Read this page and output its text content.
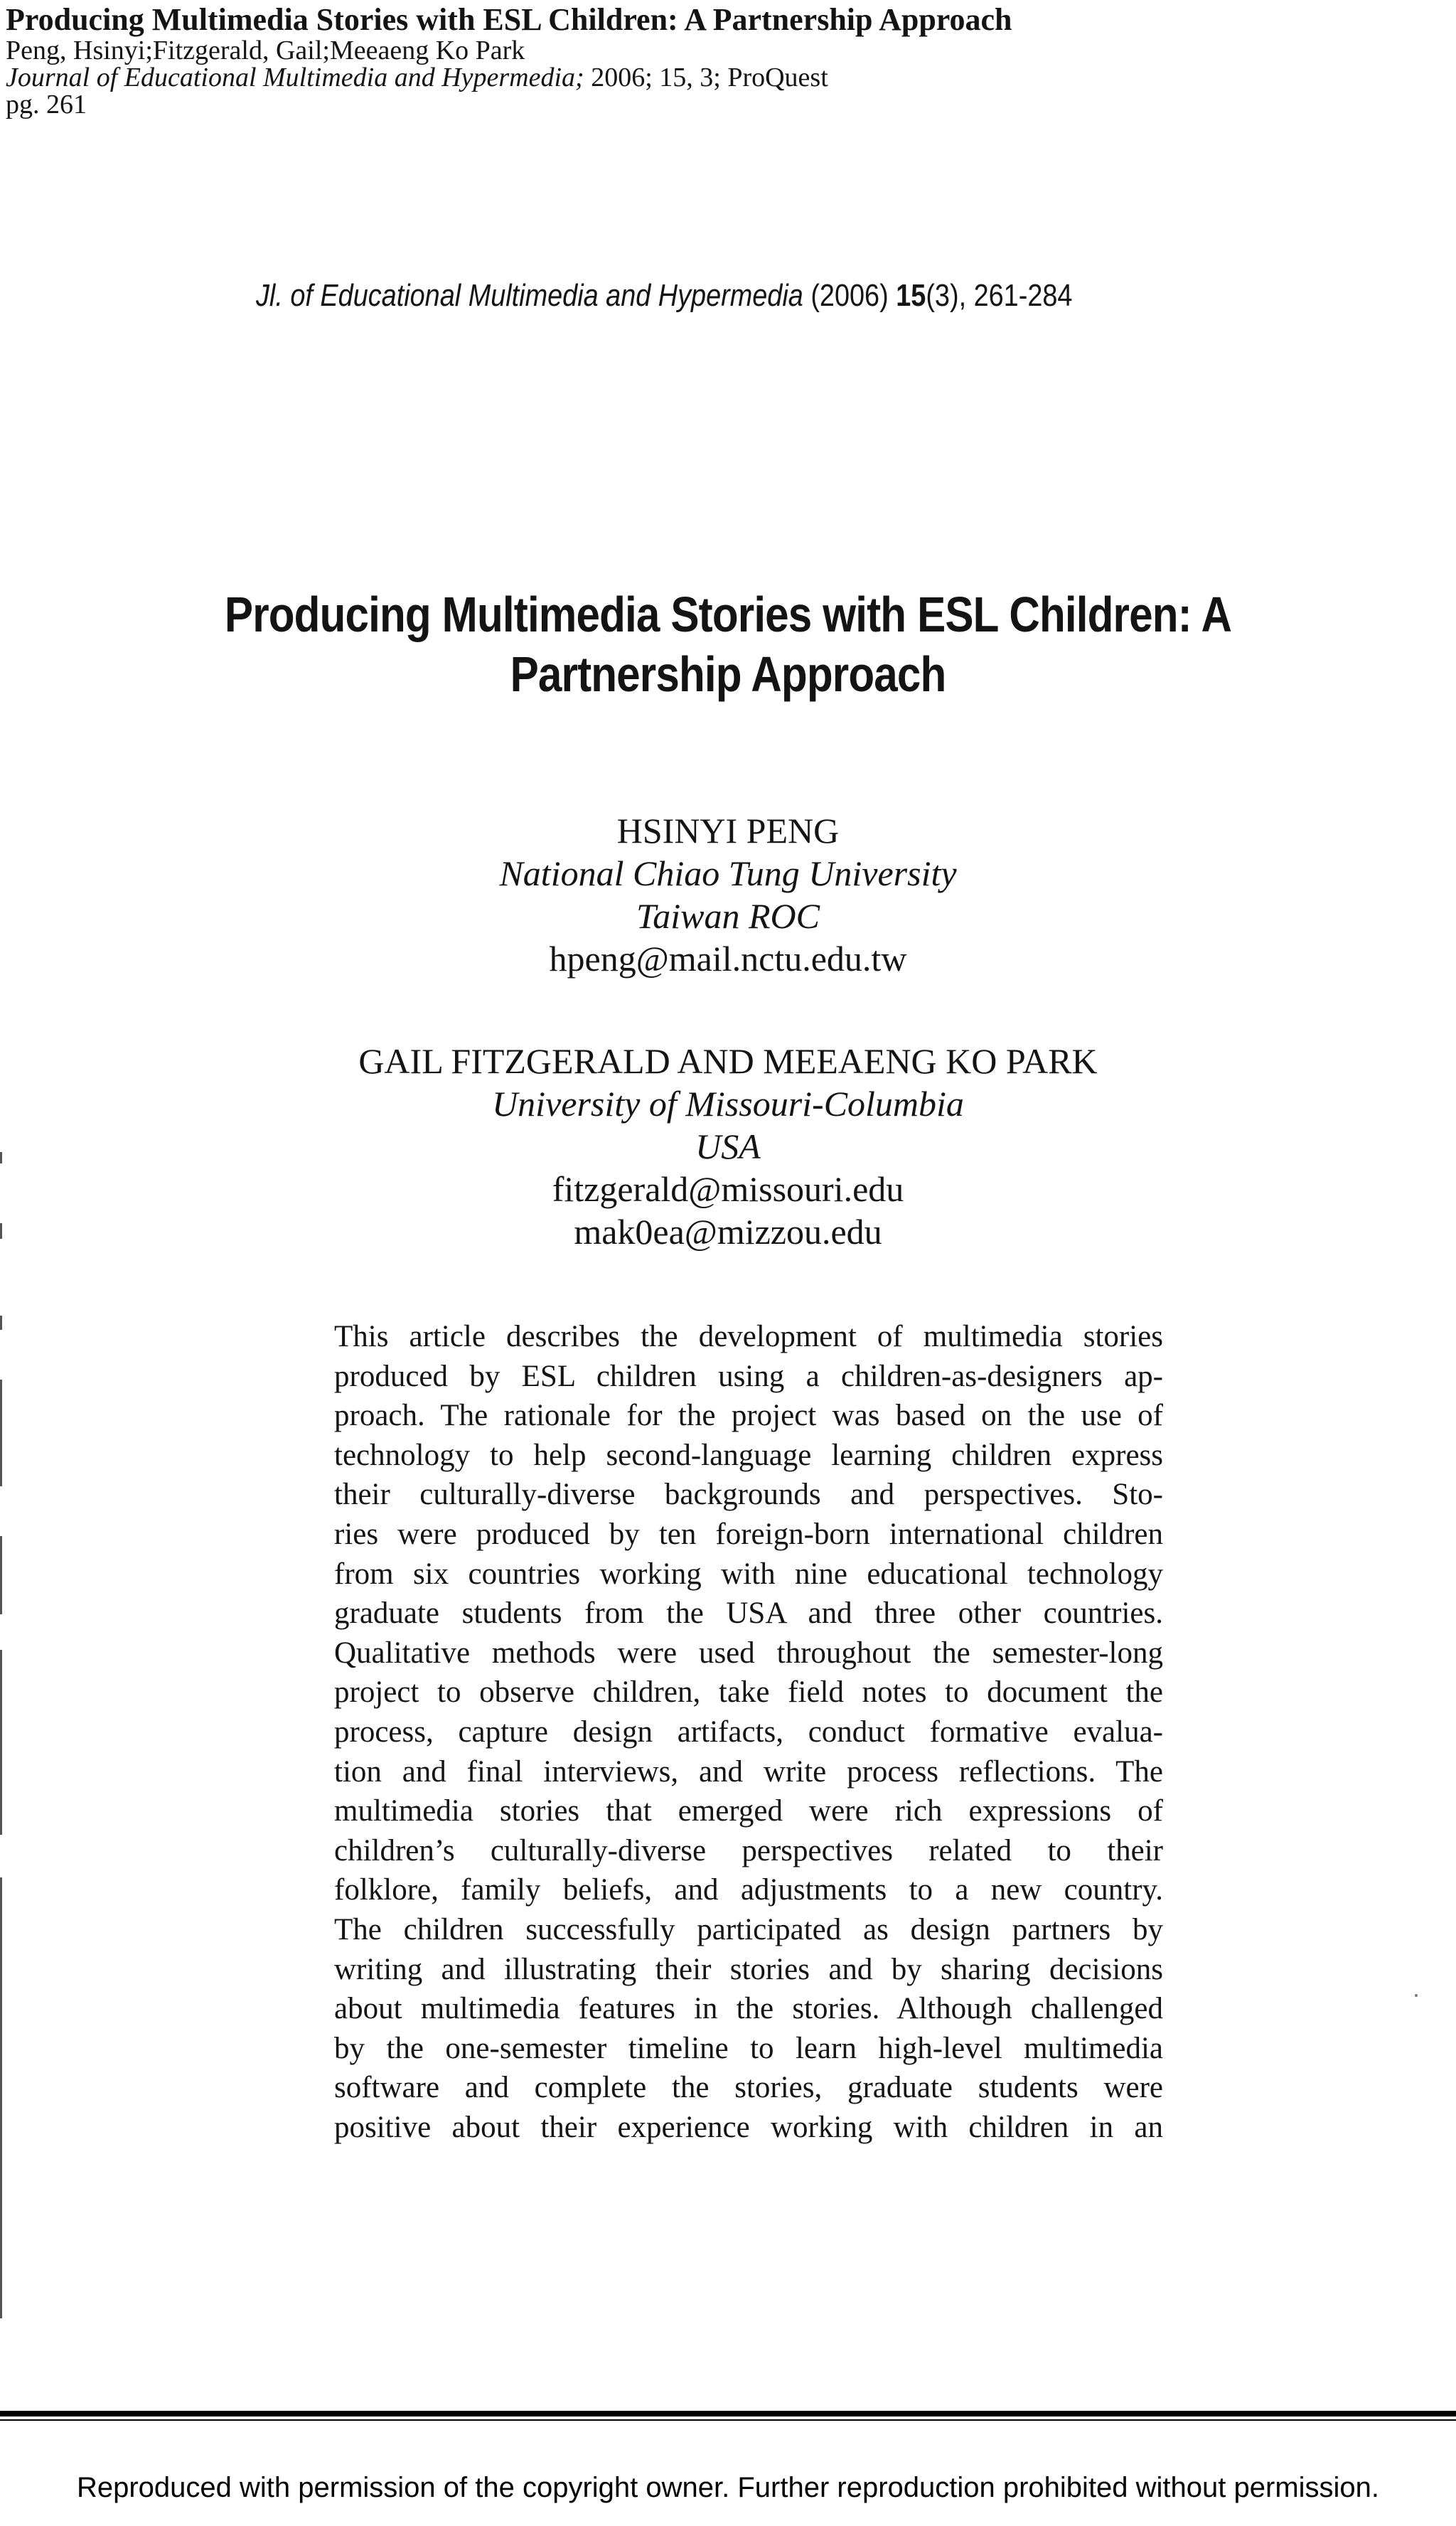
Producing Multimedia Stories with ESL Children: A Partnership Approach
Peng, Hsinyi;Fitzgerald, Gail;Meeaeng Ko Park
Journal of Educational Multimedia and Hypermedia; 2006; 15, 3; ProQuest
pg. 261
Jl. of Educational Multimedia and Hypermedia (2006) 15(3), 261-284
Producing Multimedia Stories with ESL Children: A
Partnership Approach
HSINYI PENG
National Chiao Tung University
Taiwan ROC
hpeng@mail.nctu.edu.tw
GAIL FITZGERALD AND MEEAENG KO PARK
University of Missouri-Columbia
USA
fitzgerald@missouri.edu
mak0ea@mizzou.edu
This article describes the development of multimedia stories
produced by ESL children using a children-as-designers ap-
proach. The rationale for the project was based on the use of
technology to help second-language learning children express
their culturally-diverse backgrounds and perspectives. Sto-
ries were produced by ten foreign-born international children
from six countries working with nine educational technology
graduate students from the USA and three other countries.
Qualitative methods were used throughout the semester-long
project to observe children, take field notes to document the
process, capture design artifacts, conduct formative evalua-
tion and final interviews, and write process reflections. The
multimedia stories that emerged were rich expressions of
children’s culturally-diverse perspectives related to their
folklore, family beliefs, and adjustments to a new country.
The children successfully participated as design partners by
writing and illustrating their stories and by sharing decisions
about multimedia features in the stories. Although challenged
by the one-semester timeline to learn high-level multimedia
software and complete the stories, graduate students were
positive about their experience working with children in an
Reproduced with permission of the copyright owner. Further reproduction prohibited without permission.
